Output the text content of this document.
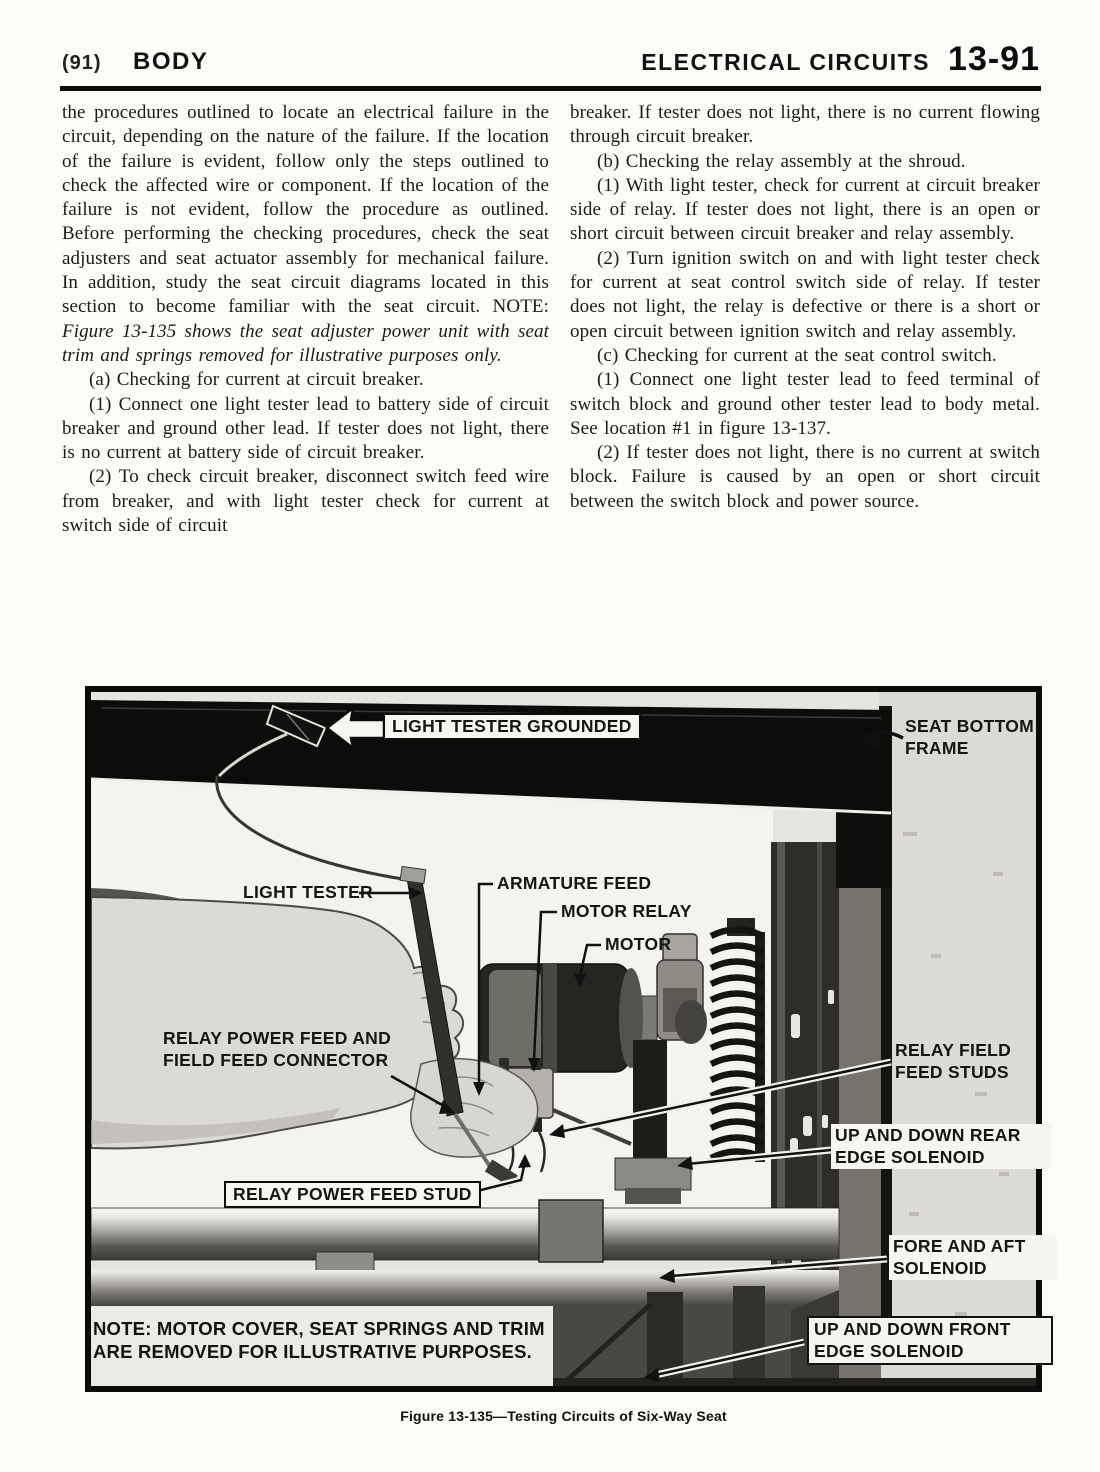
(91) BODY	ELECTRICAL CIRCUITS 13-91

the procedures outlined to locate an electrical failure in the circuit, depending on the nature of the failure. If the location of the failure is evident, follow only the steps outlined to check the affected wire or component. If the location of the failure is not evident, follow the procedure as outlined. Before performing the checking procedures, check the seat adjusters and seat actuator assembly for mechanical failure. In addition, study the seat circuit diagrams located in this section to become familiar with the seat circuit. NOTE: Figure 13-135 shows the seat adjuster power unit with seat trim and springs removed for illustrative purposes only.

(a) Checking for current at circuit breaker.

(1) Connect one light tester lead to battery side of circuit breaker and ground other lead. If tester does not light, there is no current at battery side of circuit breaker.

(2) To check circuit breaker, disconnect switch feed wire from breaker, and with light tester check for current at switch side of circuit

breaker. If tester does not light, there is no current flowing through circuit breaker.

(b) Checking the relay assembly at the shroud.

(1) With light tester, check for current at circuit breaker side of relay. If tester does not light, there is an open or short circuit between circuit breaker and relay assembly.

(2) Turn ignition switch on and with light tester check for current at seat control switch side of relay. If tester does not light, the relay is defective or there is a short or open circuit between ignition switch and relay assembly.

(c) Checking for current at the seat control switch.

(1) Connect one light tester lead to feed terminal of switch block and ground other tester lead to body metal. See location #1 in figure 13-137.

(2) If tester does not light, there is no current at switch block. Failure is caused by an open or short circuit between the switch block and power source.

LIGHT TESTER GROUNDED	SEAT BOTTOM FRAME
LIGHT TESTER	ARMATURE FEED
MOTOR RELAY
MOTOR
RELAY POWER FEED AND FIELD FEED CONNECTOR	RELAY FIELD FEED STUDS
UP AND DOWN REAR EDGE SOLENOID
RELAY POWER FEED STUD
FORE AND AFT SOLENOID
UP AND DOWN FRONT EDGE SOLENOID
NOTE: MOTOR COVER, SEAT SPRINGS AND TRIM ARE REMOVED FOR ILLUSTRATIVE PURPOSES.
Figure 13-135—Testing Circuits of Six-Way Seat
